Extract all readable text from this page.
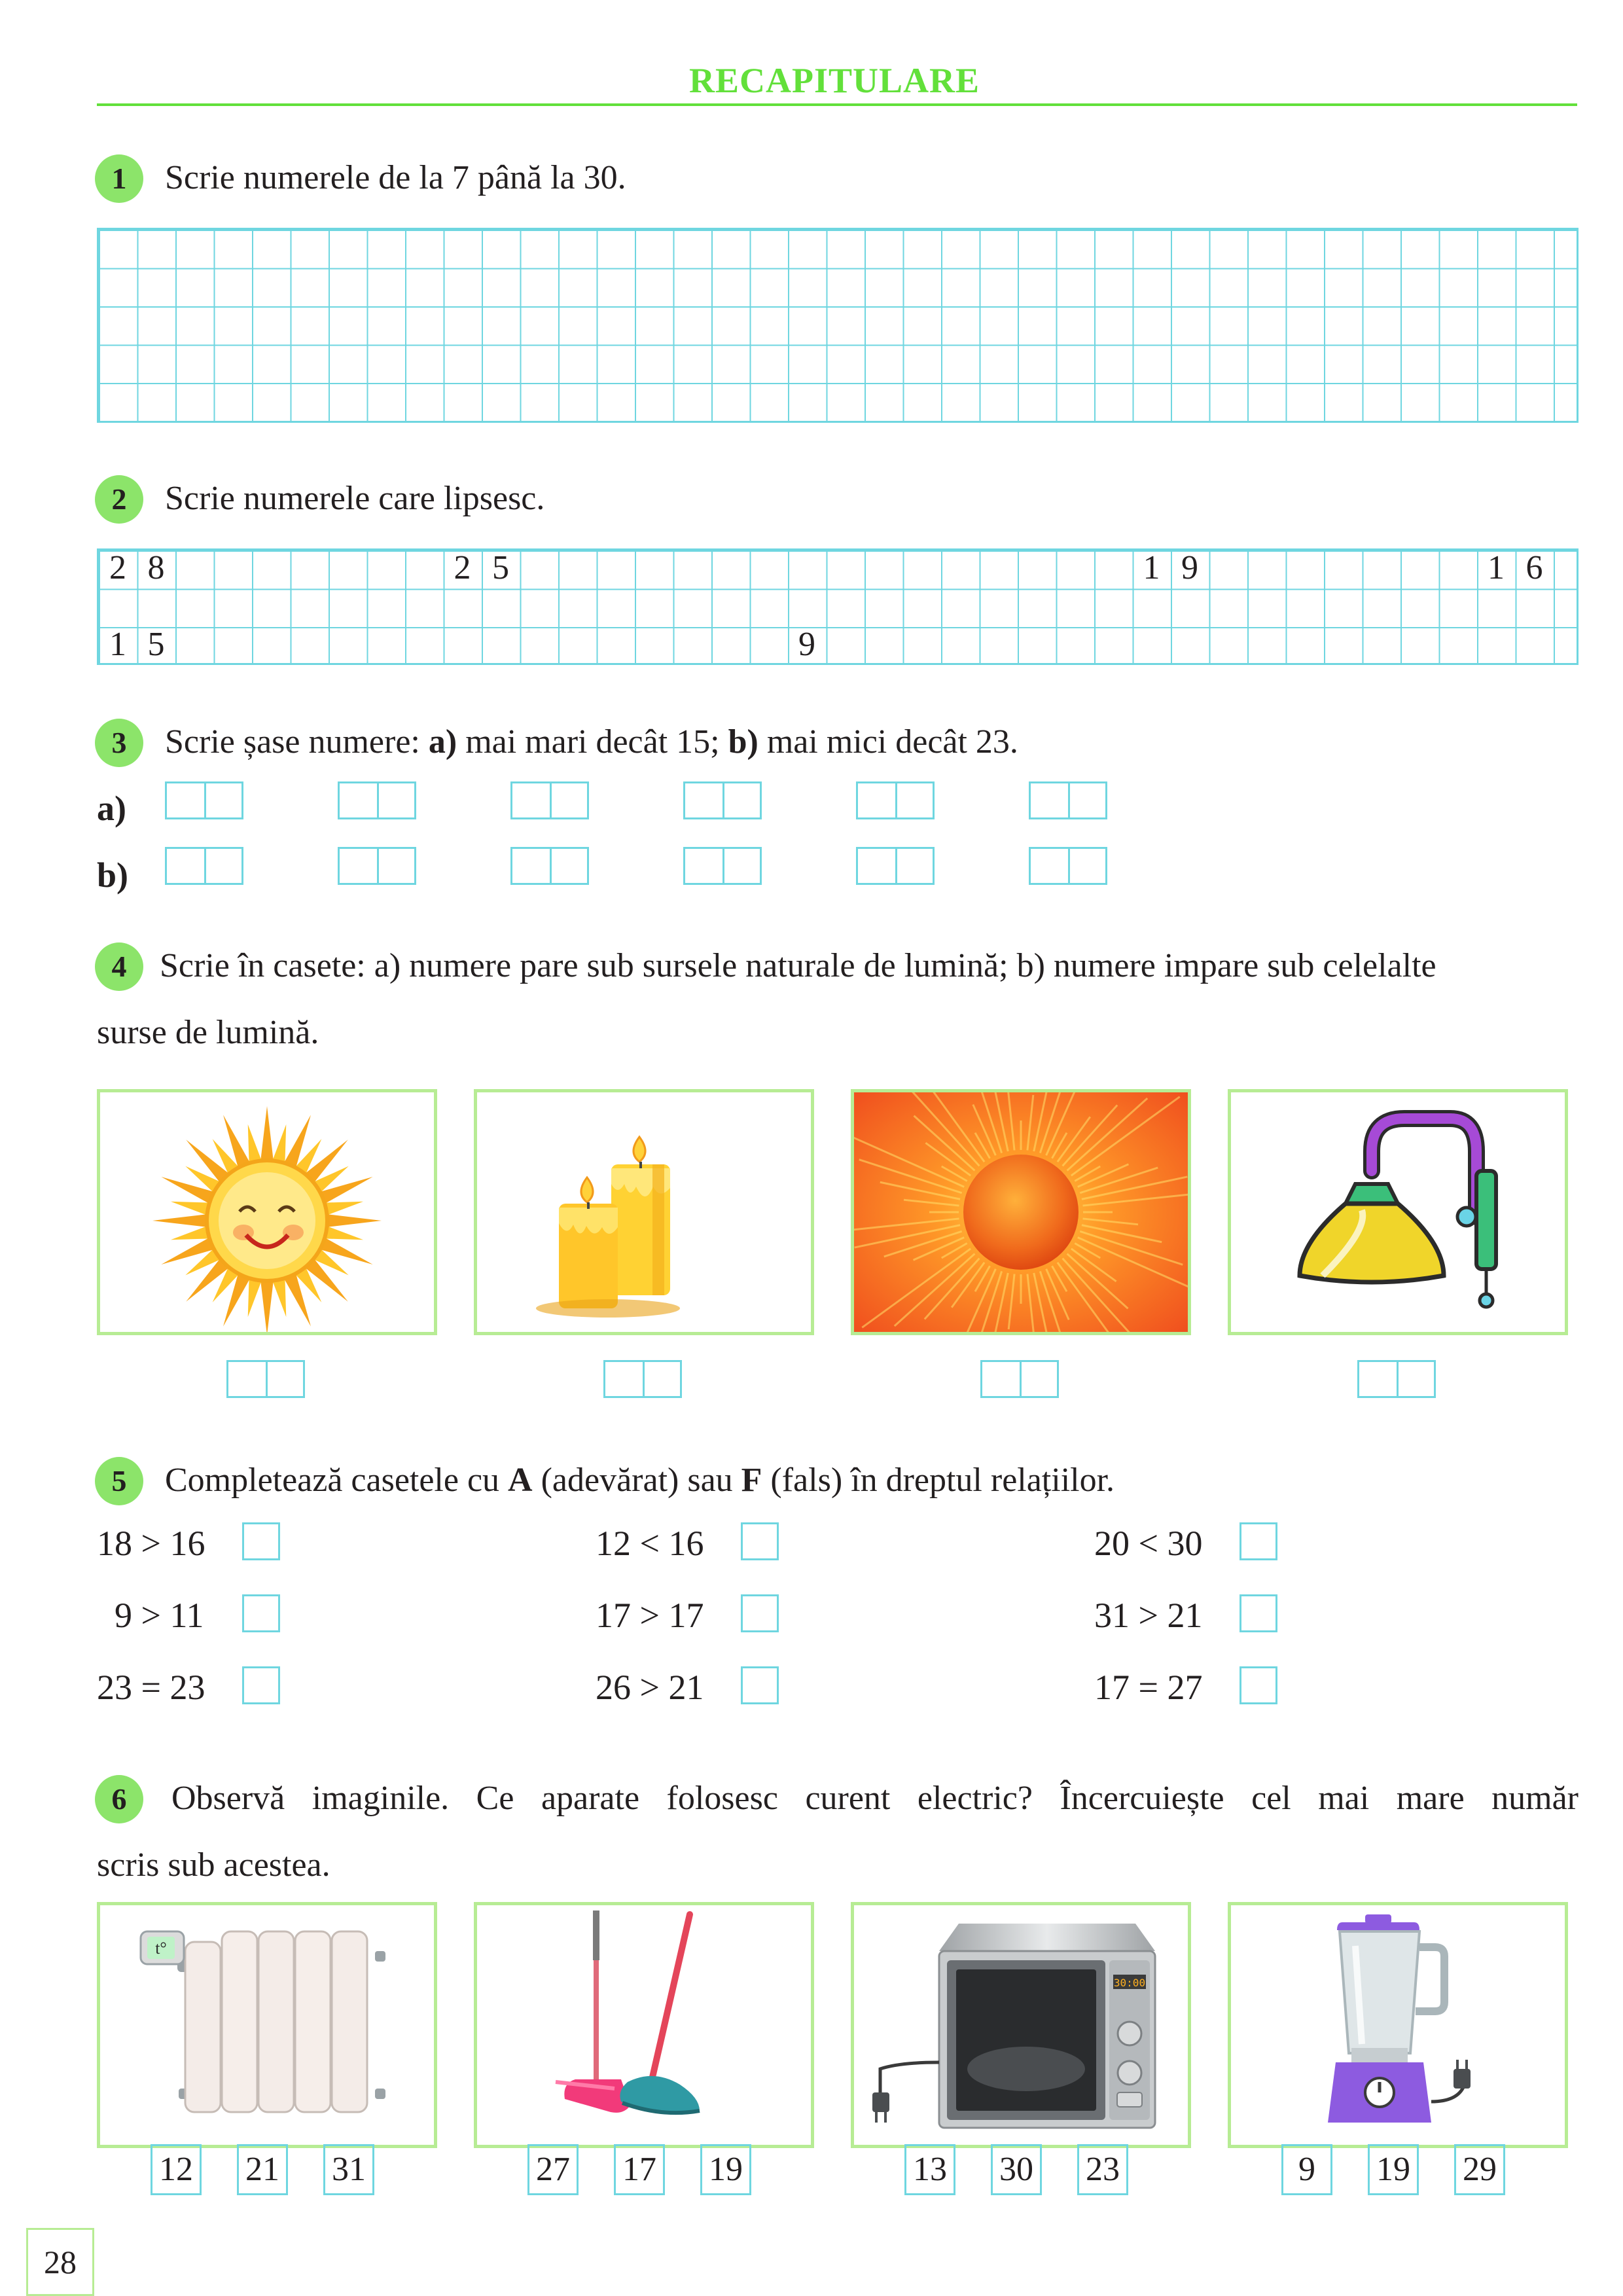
RECAPITULARE
1	Scrie numerele de la 7 până la 30.
2	Scrie numerele care lipsesc.
2 8	2 5	1 9	1 6
1 5	9
3	Scrie șase numere: a) mai mari decât 15; b) mai mici decât 23.
a)
b)
4 Scrie în casete: a) numere pare sub sursele naturale de lumină; b) numere impare sub celelalte
surse de lumină.
5	Completează casetele cu A (adevărat) sau F (fals) în dreptul relațiilor.
18 > 16	12 < 16	20 < 30
9 > 11	17 > 17	31 > 21
23 = 23	26 > 21	17 = 27
6	Observă imaginile. Ce aparate folosesc curent electric? Încercuiește cel mai mare număr
scris sub acestea.
t°
30:00
12 21 31	27 17 19	13 30 23	9	19 29
28
